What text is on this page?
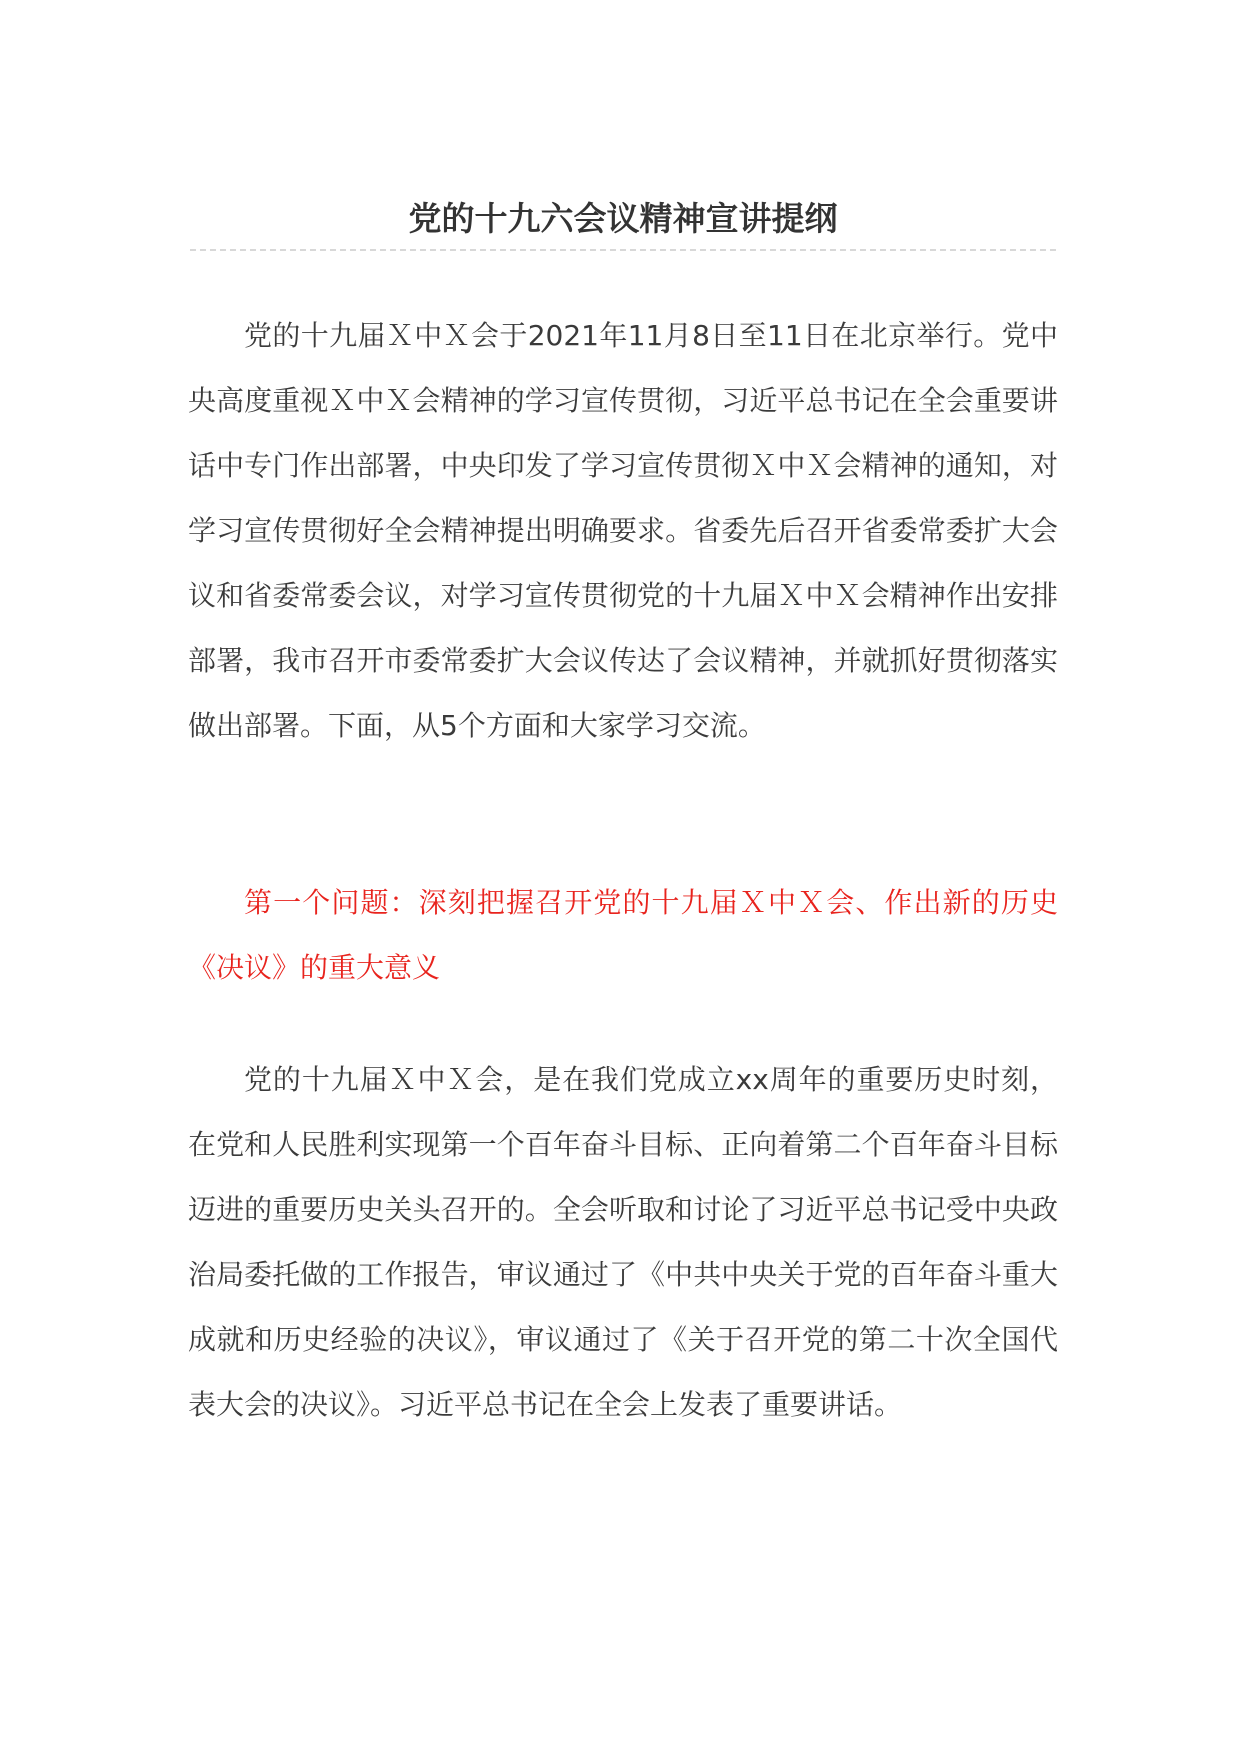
党的十九六会议精神宣讲提纲

党的十九届Ｘ中Ｘ会于2021年11月8日至11日在北京举行。党中央高度重视Ｘ中Ｘ会精神的学习宣传贯彻，习近平总书记在全会重要讲话中专门作出部署，中央印发了学习宣传贯彻Ｘ中Ｘ会精神的通知，对学习宣传贯彻好全会精神提出明确要求。省委先后召开省委常委扩大会议和省委常委会议，对学习宣传贯彻党的十九届Ｘ中Ｘ会精神作出安排部署，我市召开市委常委扩大会议传达了会议精神，并就抓好贯彻落实做出部署。下面，从5个方面和大家学习交流。

第一个问题：深刻把握召开党的十九届Ｘ中Ｘ会、作出新的历史《决议》的重大意义

党的十九届Ｘ中Ｘ会，是在我们党成立xx周年的重要历史时刻，在党和人民胜利实现第一个百年奋斗目标、正向着第二个百年奋斗目标迈进的重要历史关头召开的。全会听取和讨论了习近平总书记受中央政治局委托做的工作报告，审议通过了《中共中央关于党的百年奋斗重大成就和历史经验的决议》，审议通过了《关于召开党的第二十次全国代表大会的决议》。习近平总书记在全会上发表了重要讲话。
